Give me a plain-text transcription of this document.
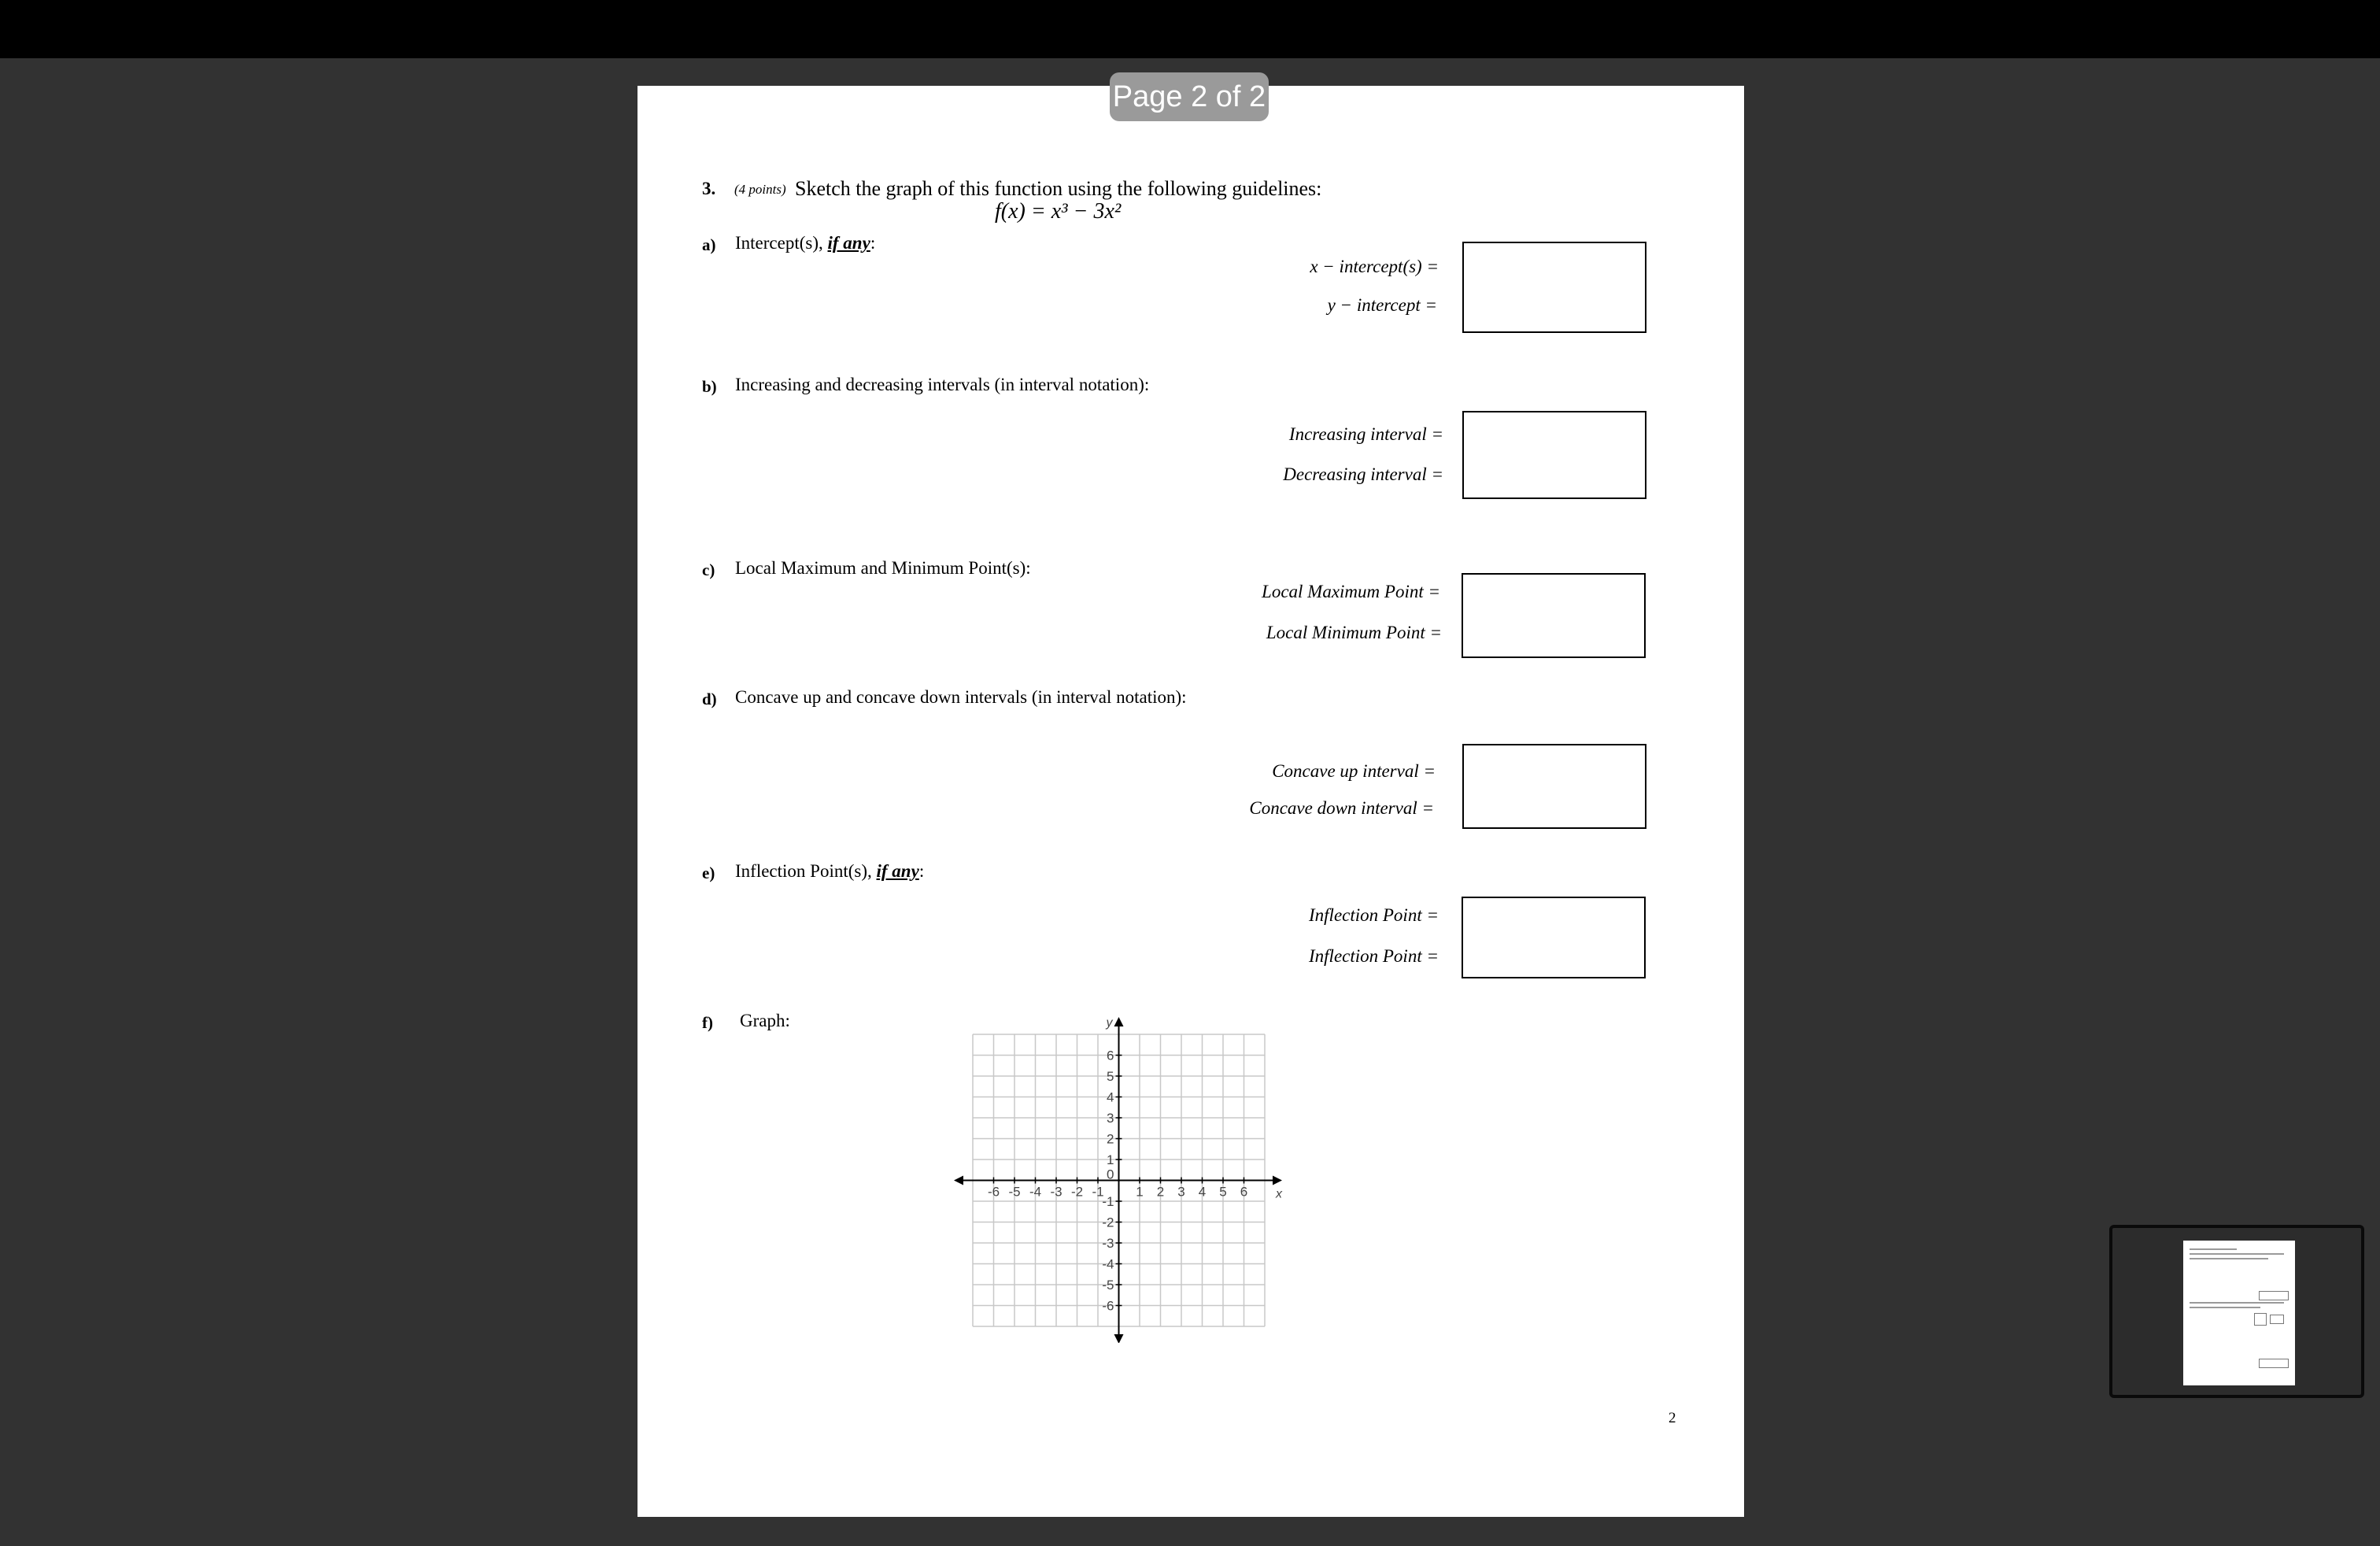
3. (4 points) Sketch the graph of this function using the following guidelines:
f(x) = x³ − 3x²
a) Intercept(s), if any:
x − intercept(s) =
y − intercept =
b) Increasing and decreasing intervals (in interval notation):
Increasing interval =
Decreasing interval =
c) Local Maximum and Minimum Point(s):
Local Maximum Point =
Local Minimum Point =
d) Concave up and concave down intervals (in interval notation):
Concave up interval =
Concave down interval =
e) Inflection Point(s), if any:
Inflection Point =
Inflection Point =
f) Graph:
2
-6 -5 -4 -3 -2 -1 1 2 3 4 5 6
6
5
4
3
2
1
-1
-2
-3
-4
-5
-6
0
x
y
Page 2 of 2
